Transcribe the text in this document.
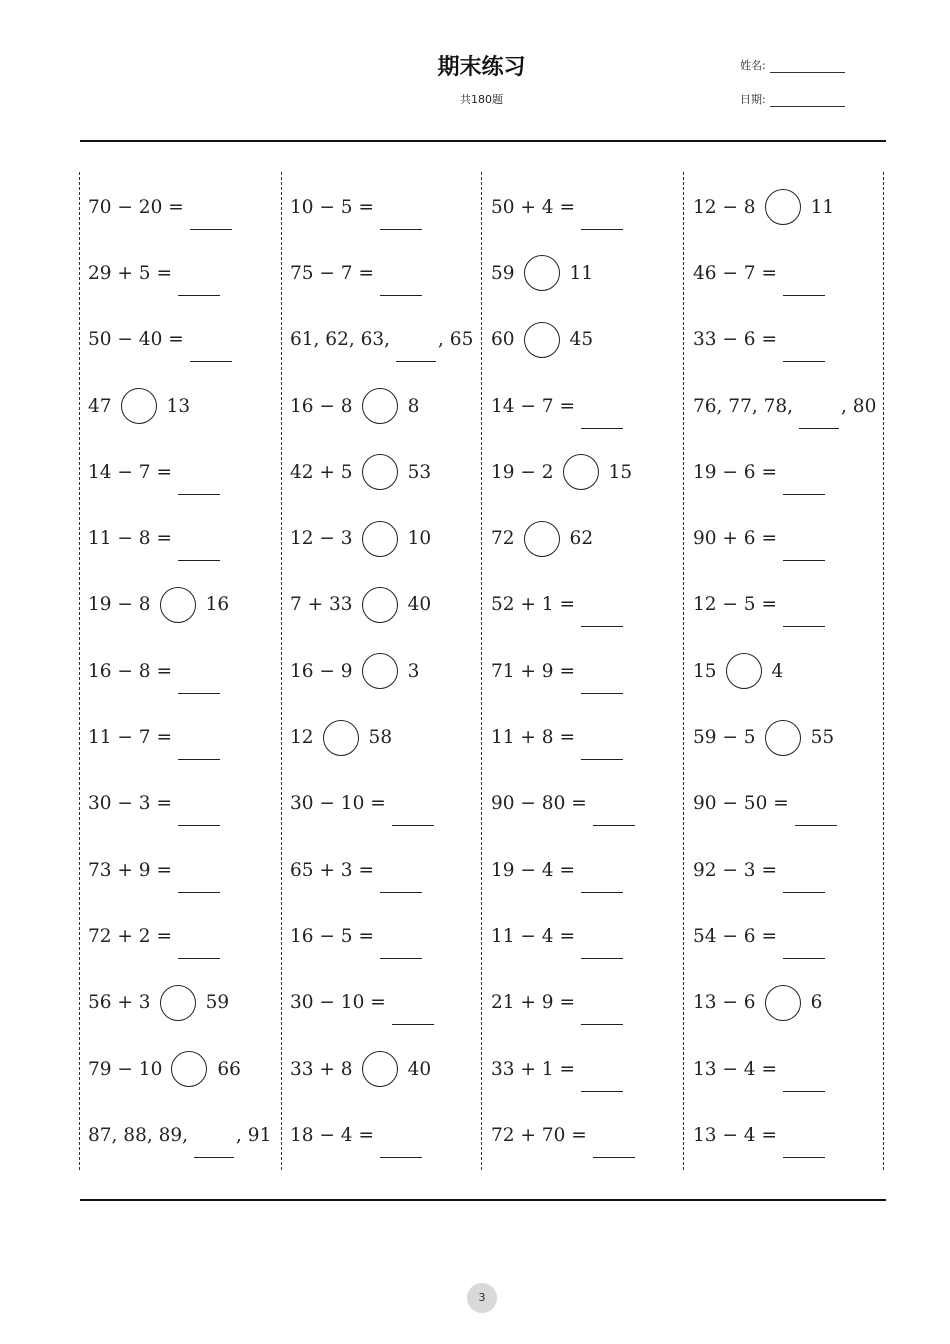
期末练习
共180题
姓名:
日期:
70 − 20 =
29 + 5 =
50 − 40 =
47	13
14 − 7 =
11 − 8 =
19 − 8	16
16 − 8 =
11 − 7 =
30 − 3 =
73 + 9 =
72 + 2 =
56 + 3	59
79 − 10	66
87, 88, 89,	, 91
10 − 5 =
75 − 7 =
61, 62, 63,	, 65
16 − 8	8
42 + 5	53
12 − 3	10
7 + 33	40
16 − 9	3
12	58
30 − 10 =
65 + 3 =
16 − 5 =
30 − 10 =
33 + 8	40
18 − 4 =
50 + 4 =
59	11
60	45
14 − 7 =
19 − 2	15
72	62
52 + 1 =
71 + 9 =
11 + 8 =
90 − 80 =
19 − 4 =
11 − 4 =
21 + 9 =
33 + 1 =
72 + 70 =
12 − 8	11
46 − 7 =
33 − 6 =
76, 77, 78,	, 80
19 − 6 =
90 + 6 =
12 − 5 =
15	4
59 − 5	55
90 − 50 =
92 − 3 =
54 − 6 =
13 − 6	6
13 − 4 =
13 − 4 =
3
